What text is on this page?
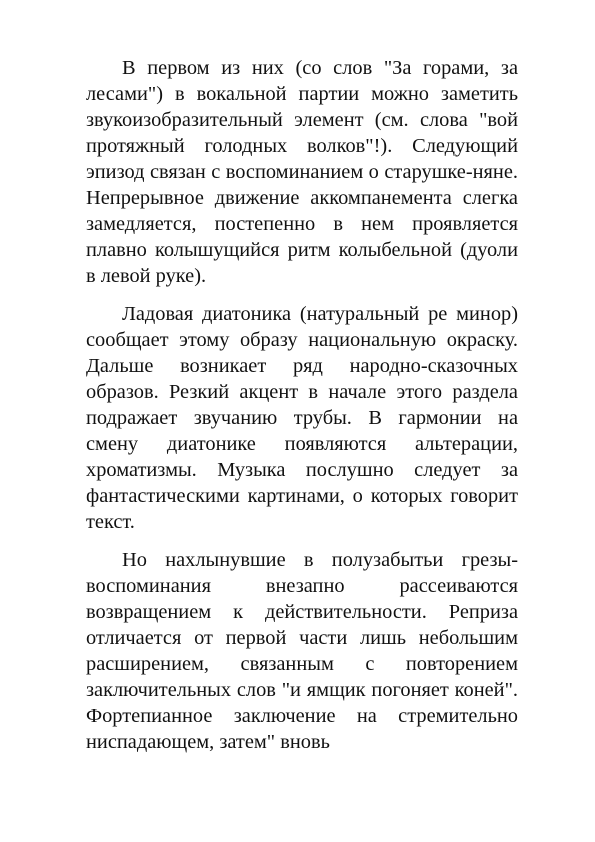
В первом из них (со слов "За горами, за лесами") в вокальной партии можно заметить звукоизобразительный элемент (см. слова "вой протяжный голодных волков"!). Следующий эпизод связан с воспоминанием о старушке-няне. Непрерывное движение аккомпанемента слегка замедляется, постепенно в нем проявляется плавно колышущийся ритм колыбельной (дуоли в левой руке).

Ладовая диатоника (натуральный ре минор) сообщает этому образу национальную окраску. Дальше возникает ряд народно-сказочных образов. Резкий акцент в начале этого раздела подражает звучанию трубы. В гармонии на смену диатонике появляются альтерации, хроматизмы. Музыка послушно следует за фантастическими картинами, о которых говорит текст.

Но нахлынувшие в полузабытьи грезы-воспоминания внезапно рассеиваются возвращением к действительности. Реприза отличается от первой части лишь небольшим расширением, связанным с повторением заключительных слов "и ямщик погоняет коней". Фортепианное заключение на стремительно ниспадающем, затем" вновь
